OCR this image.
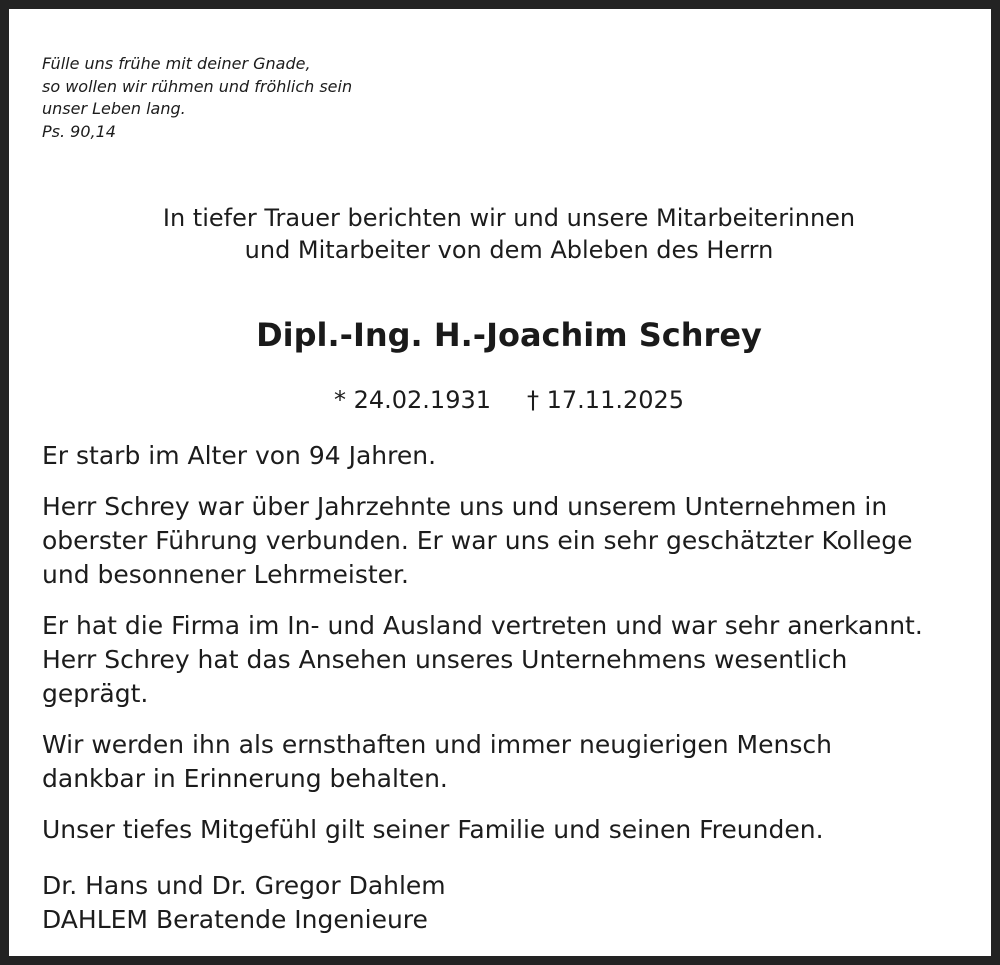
Fülle uns frühe mit deiner Gnade,
so wollen wir rühmen und fröhlich sein
unser Leben lang.
Ps. 90,14
In tiefer Trauer berichten wir und unsere Mitarbeiterinnen
und Mitarbeiter von dem Ableben des Herrn
Dipl.-Ing. H.-Joachim Schrey
* 24.02.1931 † 17.11.2025

Er starb im Alter von 94 Jahren.

Herr Schrey war über Jahrzehnte uns und unserem Unternehmen in
oberster Führung verbunden. Er war uns ein sehr geschätzter Kollege
und besonnener Lehrmeister.

Er hat die Firma im In- und Ausland vertreten und war sehr anerkannt.
Herr Schrey hat das Ansehen unseres Unternehmens wesentlich
geprägt.

Wir werden ihn als ernsthaften und immer neugierigen Mensch
dankbar in Erinnerung behalten.

Unser tiefes Mitgefühl gilt seiner Familie und seinen Freunden.

Dr. Hans und Dr. Gregor Dahlem
DAHLEM Beratende Ingenieure
